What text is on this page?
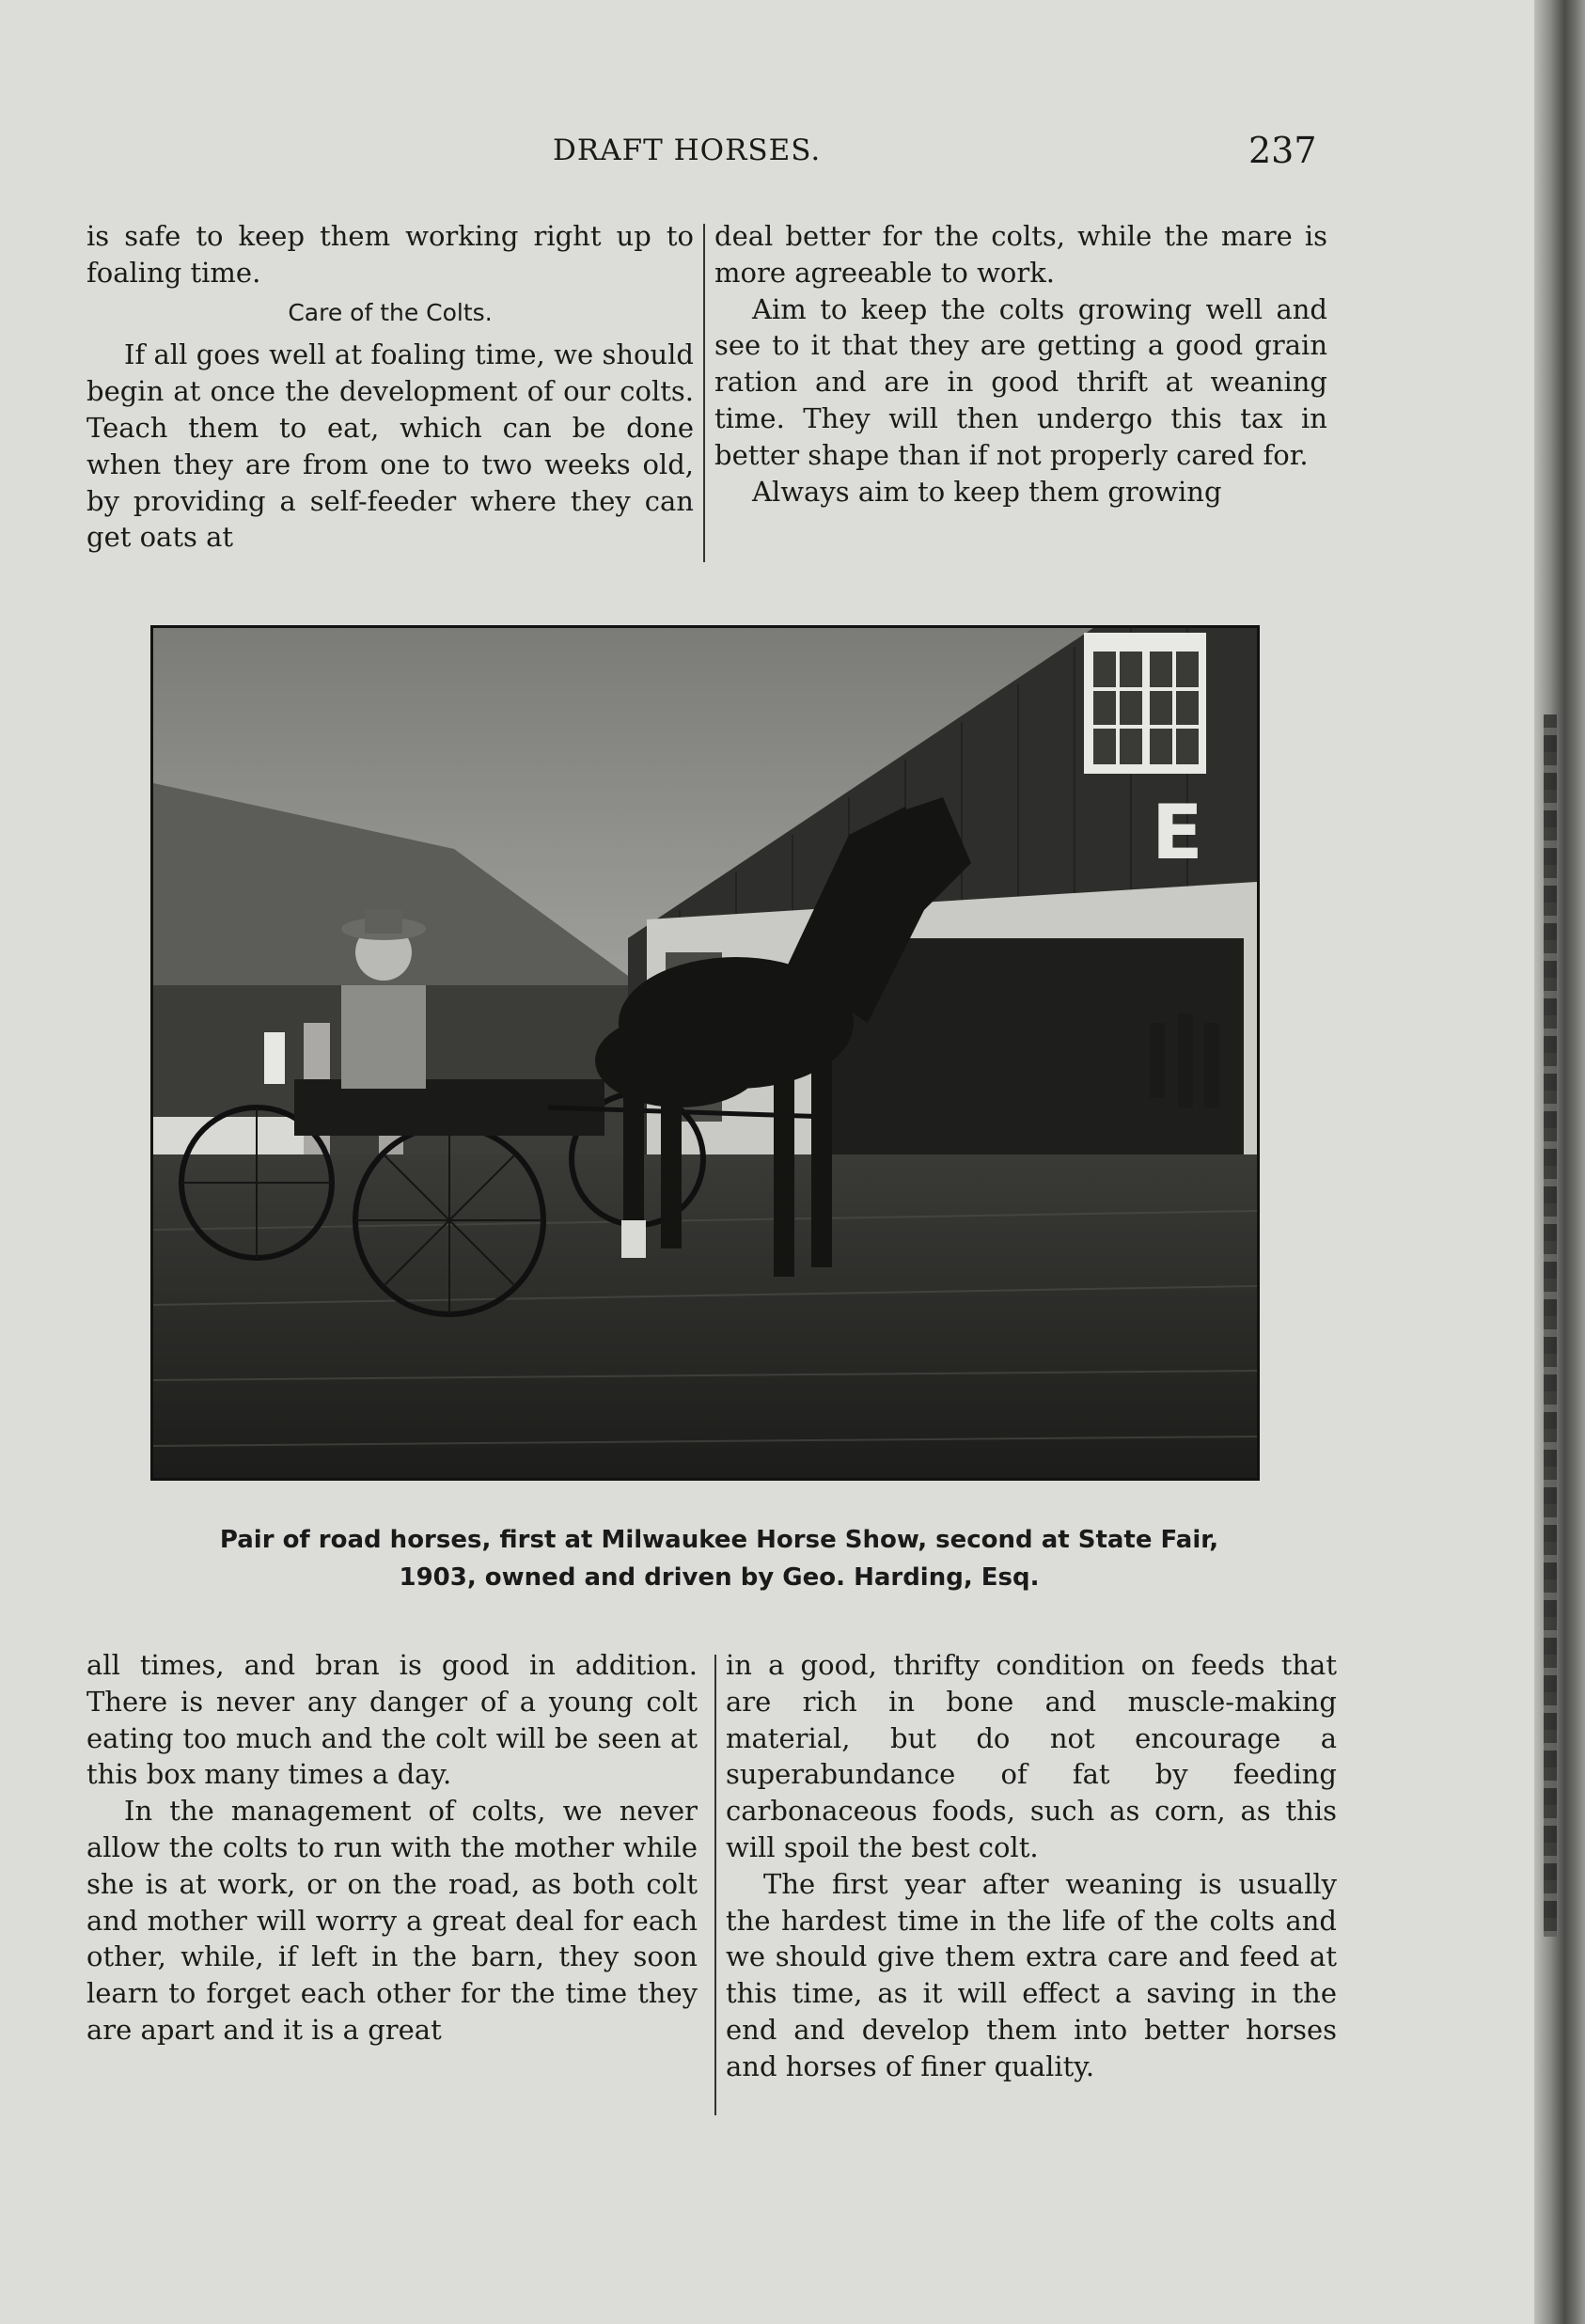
DRAFT HORSES.	237

is safe to keep them working right up to foaling time.

Care of the Colts.

If all goes well at foaling time, we should begin at once the development of our colts. Teach them to eat, which can be done when they are from one to two weeks old, by providing a self-feeder where they can get oats at

deal better for the colts, while the mare is more agreeable to work.

Aim to keep the colts growing well and see to it that they are getting a good grain ration and are in good thrift at weaning time. They will then undergo this tax in better shape than if not properly cared for.

Always aim to keep them growing

E
Pair of road horses, first at Milwaukee Horse Show, second at State Fair,
1903, owned and driven by Geo. Harding, Esq.

all times, and bran is good in addition. There is never any danger of a young colt eating too much and the colt will be seen at this box many times a day.

In the management of colts, we never allow the colts to run with the mother while she is at work, or on the road, as both colt and mother will worry a great deal for each other, while, if left in the barn, they soon learn to forget each other for the time they are apart and it is a great

in a good, thrifty condition on feeds that are rich in bone and muscle-making material, but do not encourage a superabundance of fat by feeding carbonaceous foods, such as corn, as this will spoil the best colt.

The first year after weaning is usually the hardest time in the life of the colts and we should give them extra care and feed at this time, as it will effect a saving in the end and develop them into better horses and horses of finer quality.
